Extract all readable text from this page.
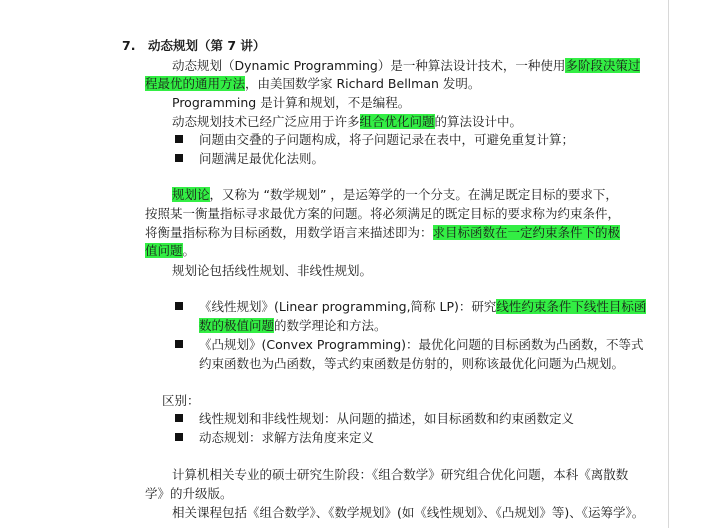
7. 动态规划（第 7 讲）
动态规划（Dynamic Programming）是一种算法设计技术，一种使用多阶段决策过
程最优的通用方法，由美国数学家 Richard Bellman 发明。
Programming 是计算和规划，不是编程。
动态规划技术已经广泛应用于许多组合优化问题的算法设计中。
问题由交叠的子问题构成，将子问题记录在表中，可避免重复计算；
问题满足最优化法则。
规划论，又称为 “数学规划” ，是运筹学的一个分支。在满足既定目标的要求下，
按照某一衡量指标寻求最优方案的问题。将必须满足的既定目标的要求称为约束条件，
将衡量指标称为目标函数，用数学语言来描述即为：求目标函数在一定约束条件下的极
值问题。
规划论包括线性规划、非线性规划。
《线性规划》(Linear programming,简称 LP)：研究线性约束条件下线性目标函
数的极值问题的数学理论和方法。
《凸规划》(Convex Programming)：最优化问题的目标函数为凸函数，不等式
约束函数也为凸函数，等式约束函数是仿射的，则称该最优化问题为凸规划。
区别：
线性规划和非线性规划：从问题的描述，如目标函数和约束函数定义
动态规划：求解方法角度来定义
计算机相关专业的硕士研究生阶段：《组合数学》研究组合优化问题，本科《离散数
学》的升级版。
相关课程包括《组合数学》、《数学规划》(如《线性规划》、《凸规划》等)、《运筹学》。
